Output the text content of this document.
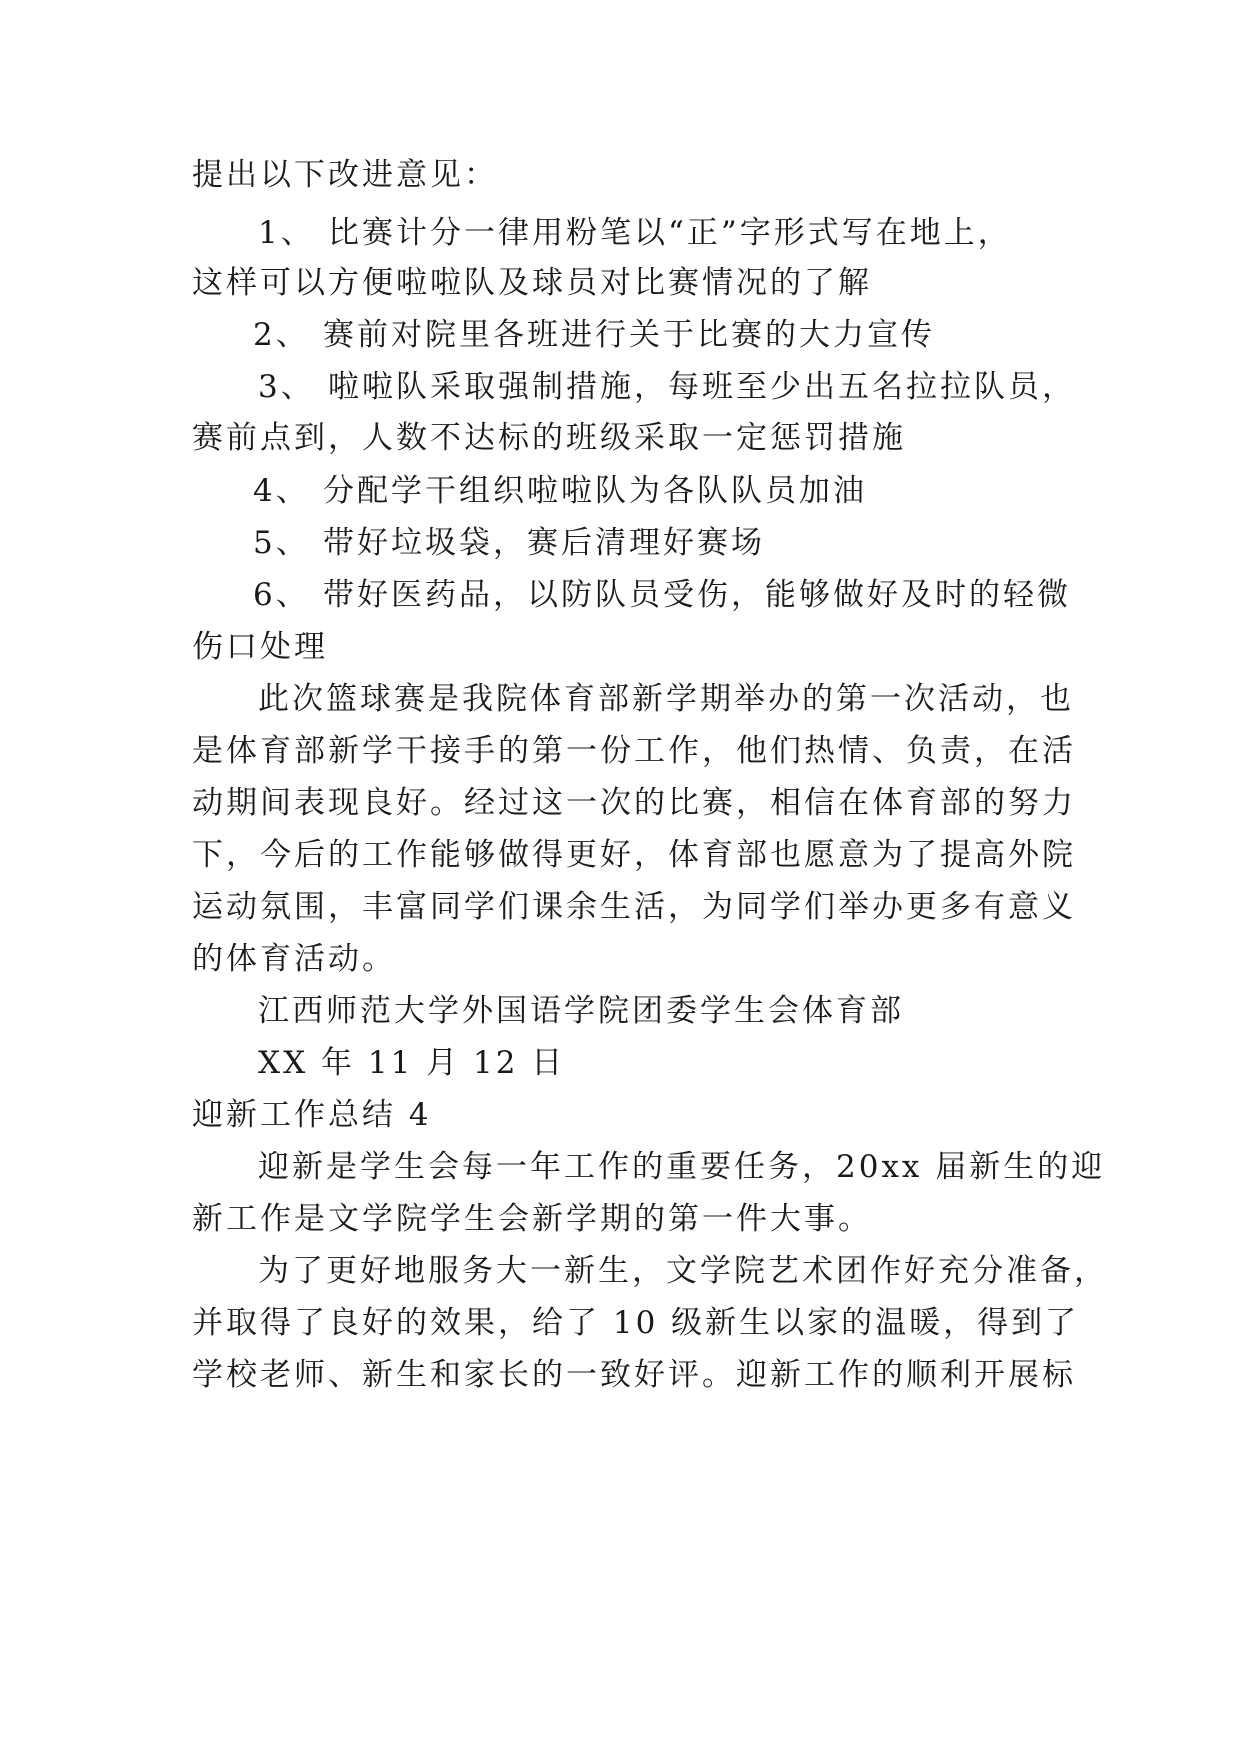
提出以下改进意见：
1、 比赛计分一律用粉笔以“正”字形式写在地上，
这样可以方便啦啦队及球员对比赛情况的了解
2、 赛前对院里各班进行关于比赛的大力宣传
3、 啦啦队采取强制措施，每班至少出五名拉拉队员，
赛前点到，人数不达标的班级采取一定惩罚措施
4、 分配学干组织啦啦队为各队队员加油
5、 带好垃圾袋，赛后清理好赛场
6、 带好医药品，以防队员受伤，能够做好及时的轻微
伤口处理
此次篮球赛是我院体育部新学期举办的第一次活动，也
是体育部新学干接手的第一份工作，他们热情、负责，在活
动期间表现良好。经过这一次的比赛，相信在体育部的努力
下，今后的工作能够做得更好，体育部也愿意为了提高外院
运动氛围，丰富同学们课余生活，为同学们举办更多有意义
的体育活动。
江西师范大学外国语学院团委学生会体育部
XX 年 11 月 12 日
迎新工作总结 4
迎新是学生会每一年工作的重要任务，20xx 届新生的迎
新工作是文学院学生会新学期的第一件大事。
为了更好地服务大一新生，文学院艺术团作好充分准备，
并取得了良好的效果，给了 10 级新生以家的温暖，得到了
学校老师、新生和家长的一致好评。迎新工作的顺利开展标
